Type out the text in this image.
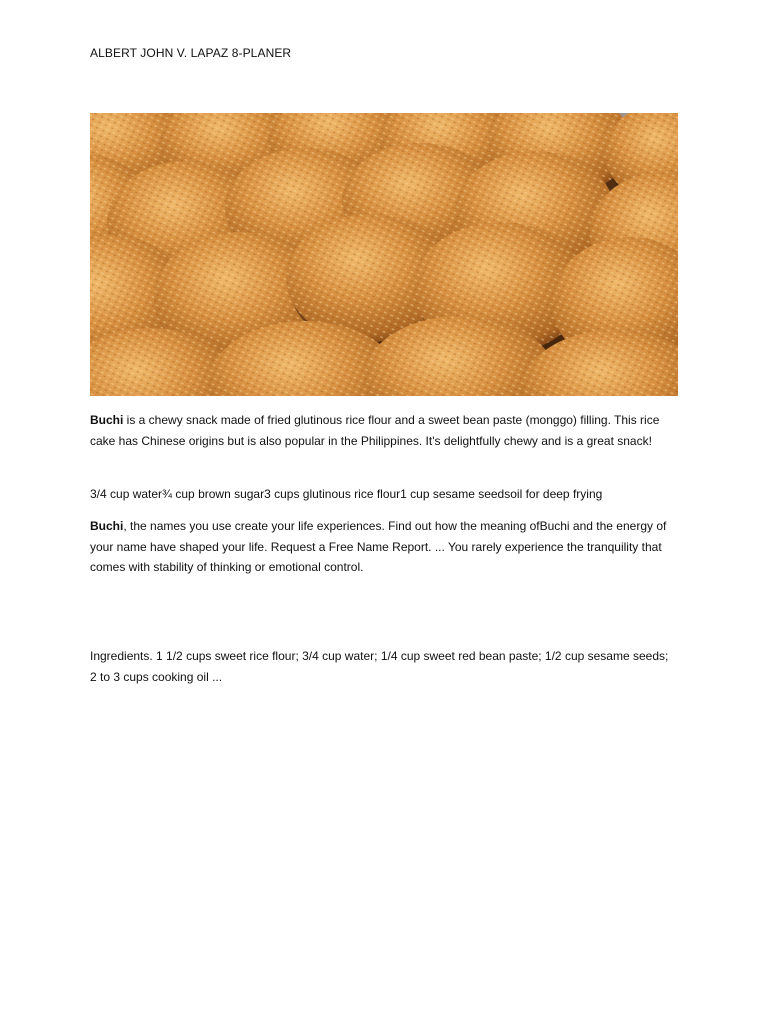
ALBERT JOHN V. LAPAZ 8-PLANER

Buchi is a chewy snack made of fried glutinous rice flour and a sweet bean paste (monggo) filling. This rice cake has Chinese origins but is also popular in the Philippines. It's delightfully chewy and is a great snack!

3/4 cup water¾ cup brown sugar3 cups glutinous rice flour1 cup sesame seedsoil for deep frying

Buchi, the names you use create your life experiences. Find out how the meaning ofBuchi and the energy of your name have shaped your life. Request a Free Name Report. ... You rarely experience the tranquility that comes with stability of thinking or emotional control.

Ingredients. 1 1/2 cups sweet rice flour; 3/4 cup water; 1/4 cup sweet red bean paste; 1/2 cup sesame seeds; 2 to 3 cups cooking oil ...
